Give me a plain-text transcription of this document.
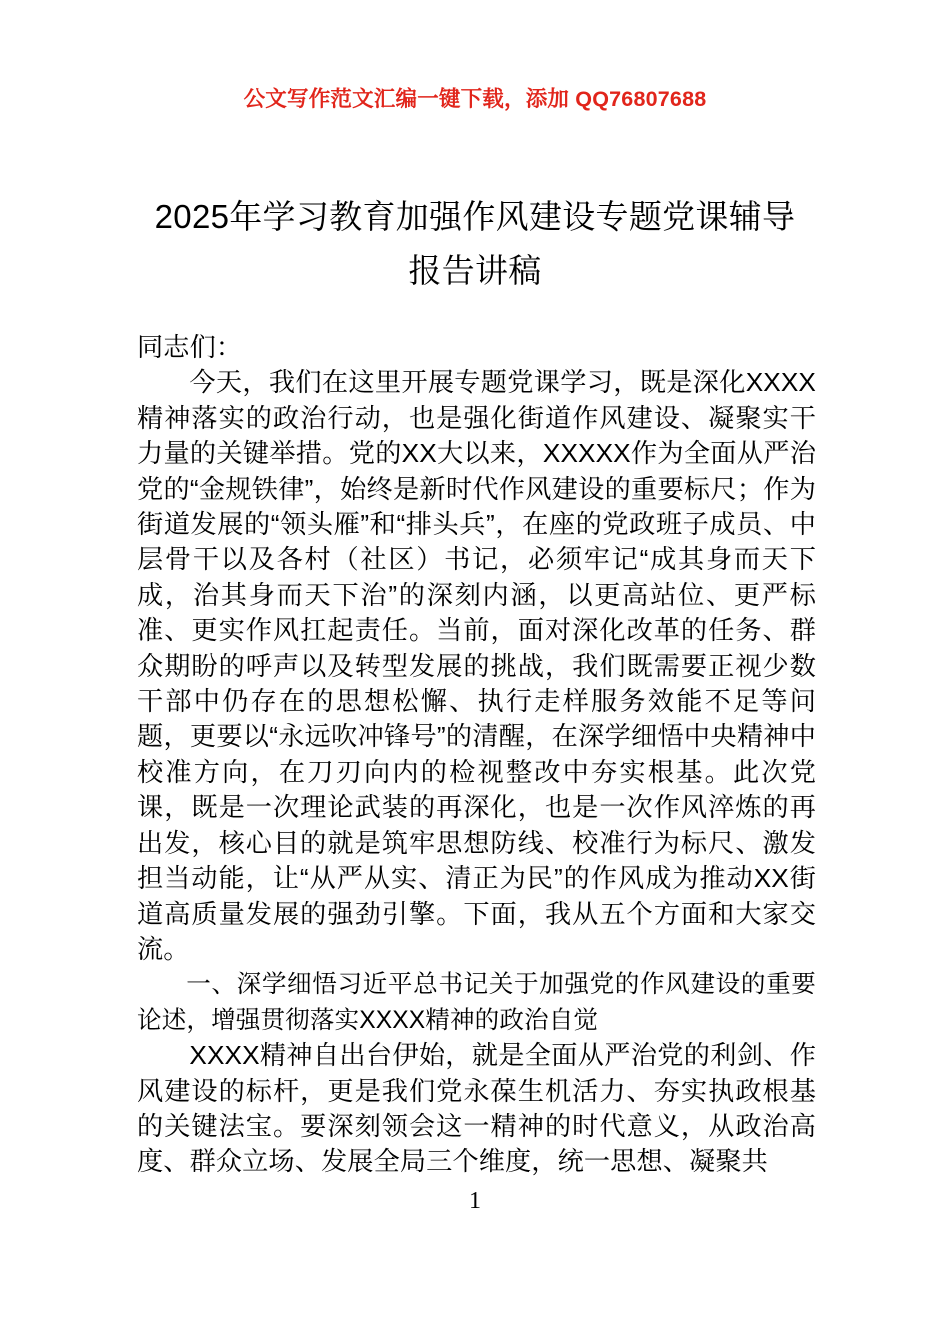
公文写作范文汇编一键下载，添加 QQ76807688
2025年学习教育加强作风建设专题党课辅导报告讲稿

同志们：

今天，我们在这里开展专题党课学习，既是深化XXXX精神落实的政治行动，也是强化街道作风建设、凝聚实干力量的关键举措。党的XX大以来，XXXXX作为全面从严治党的“金规铁律”，始终是新时代作风建设的重要标尺；作为街道发展的“领头雁”和“排头兵”，在座的党政班子成员、中层骨干以及各村（社区）书记，必须牢记“成其身而天下成，治其身而天下治”的深刻内涵，以更高站位、更严标准、更实作风扛起责任。当前，面对深化改革的任务、群众期盼的呼声以及转型发展的挑战，我们既需要正视少数干部中仍存在的思想松懈、执行走样服务效能不足等问题，更要以“永远吹冲锋号”的清醒，在深学细悟中央精神中校准方向，在刀刃向内的检视整改中夯实根基。此次党课，既是一次理论武装的再深化，也是一次作风淬炼的再出发，核心目的就是筑牢思想防线、校准行为标尺、激发担当动能，让“从严从实、清正为民”的作风成为推动XX街道高质量发展的强劲引擎。下面，我从五个方面和大家交流。

一、深学细悟习近平总书记关于加强党的作风建设的重要论述，增强贯彻落实XXXX精神的政治自觉

XXXX精神自出台伊始，就是全面从严治党的利剑、作风建设的标杆，更是我们党永葆生机活力、夯实执政根基的关键法宝。要深刻领会这一精神的时代意义，从政治高度、群众立场、发展全局三个维度，统一思想、凝聚共

1
